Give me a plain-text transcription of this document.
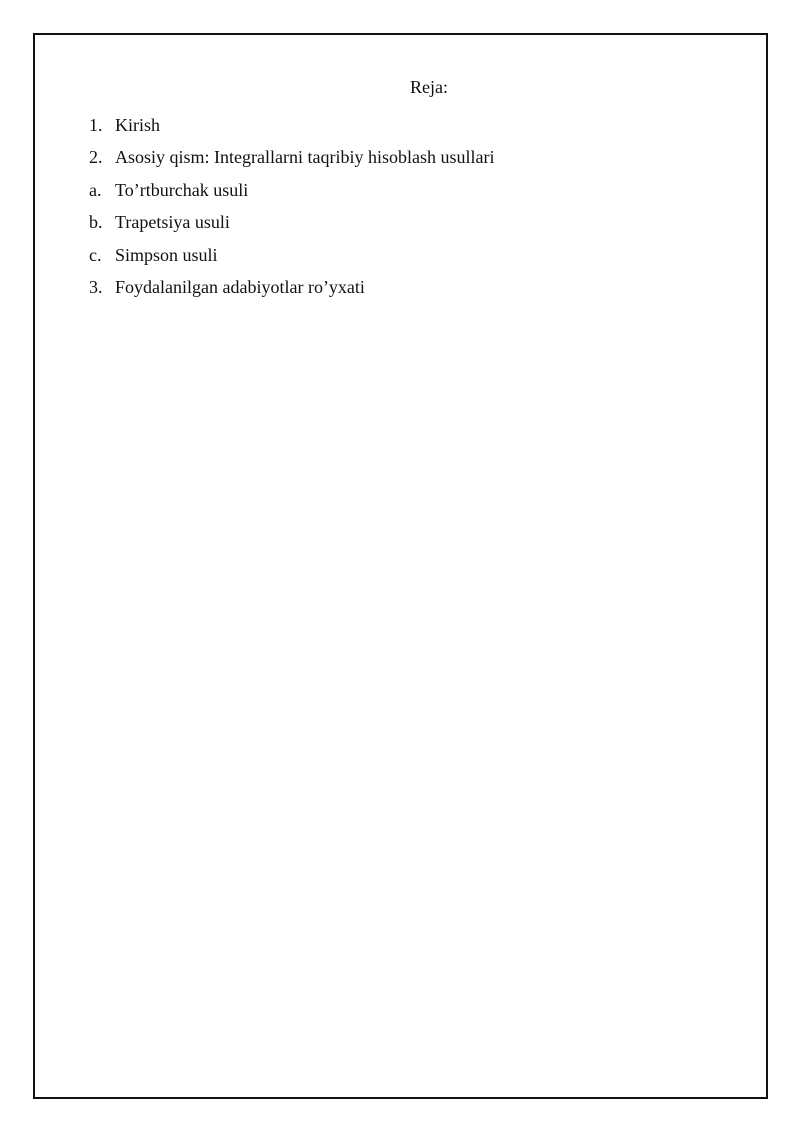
Reja:
1. Kirish
2. Asosiy qism: Integrallarni taqribiy hisoblash usullari
a. To’rtburchak usuli
b. Trapetsiya usuli
c. Simpson usuli
3. Foydalanilgan adabiyotlar ro’yxati
